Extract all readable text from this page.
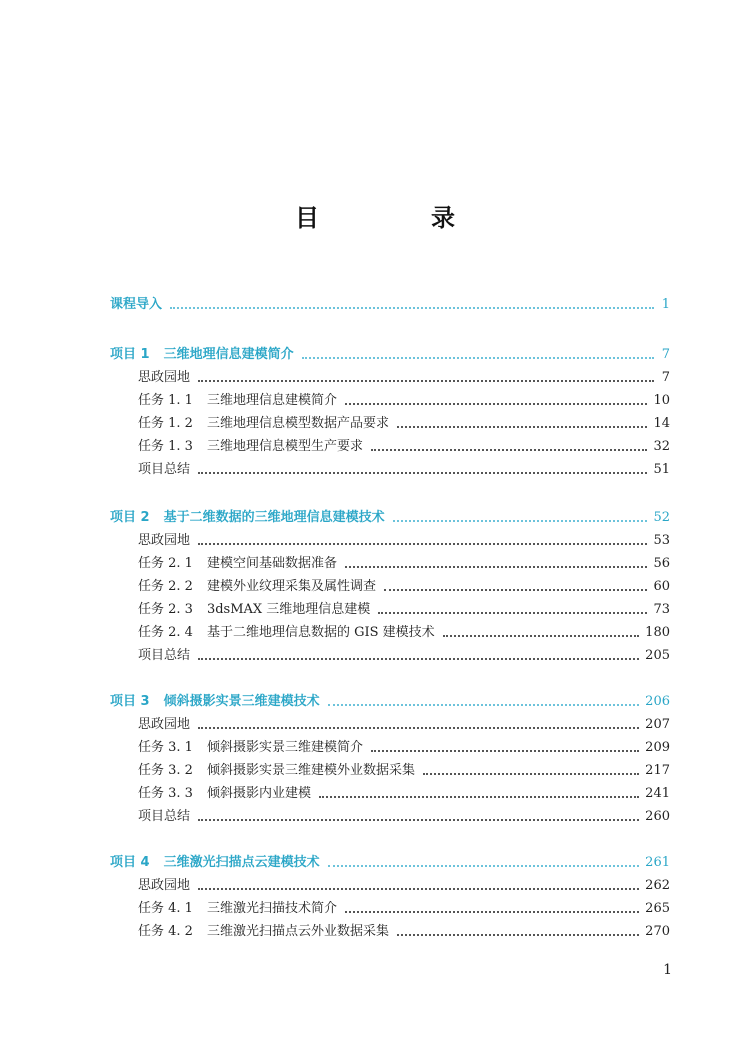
目　录
课程导入	1
项目 1 三维地理信息建模简介	7
思政园地	7
任务 1. 1 三维地理信息建模简介	10
任务 1. 2 三维地理信息模型数据产品要求	14
任务 1. 3 三维地理信息模型生产要求	32
项目总结	51
项目 2 基于二维数据的三维地理信息建模技术	52
思政园地	53
任务 2. 1 建模空间基础数据准备	56
任务 2. 2 建模外业纹理采集及属性调查	60
任务 2. 3 3dsMAX 三维地理信息建模	73
任务 2. 4 基于二维地理信息数据的 GIS 建模技术	180
项目总结	205
项目 3 倾斜摄影实景三维建模技术	206
思政园地	207
任务 3. 1 倾斜摄影实景三维建模简介	209
任务 3. 2 倾斜摄影实景三维建模外业数据采集	217
任务 3. 3 倾斜摄影内业建模	241
项目总结	260
项目 4 三维激光扫描点云建模技术	261
思政园地	262
任务 4. 1 三维激光扫描技术简介	265
任务 4. 2 三维激光扫描点云外业数据采集	270
1
